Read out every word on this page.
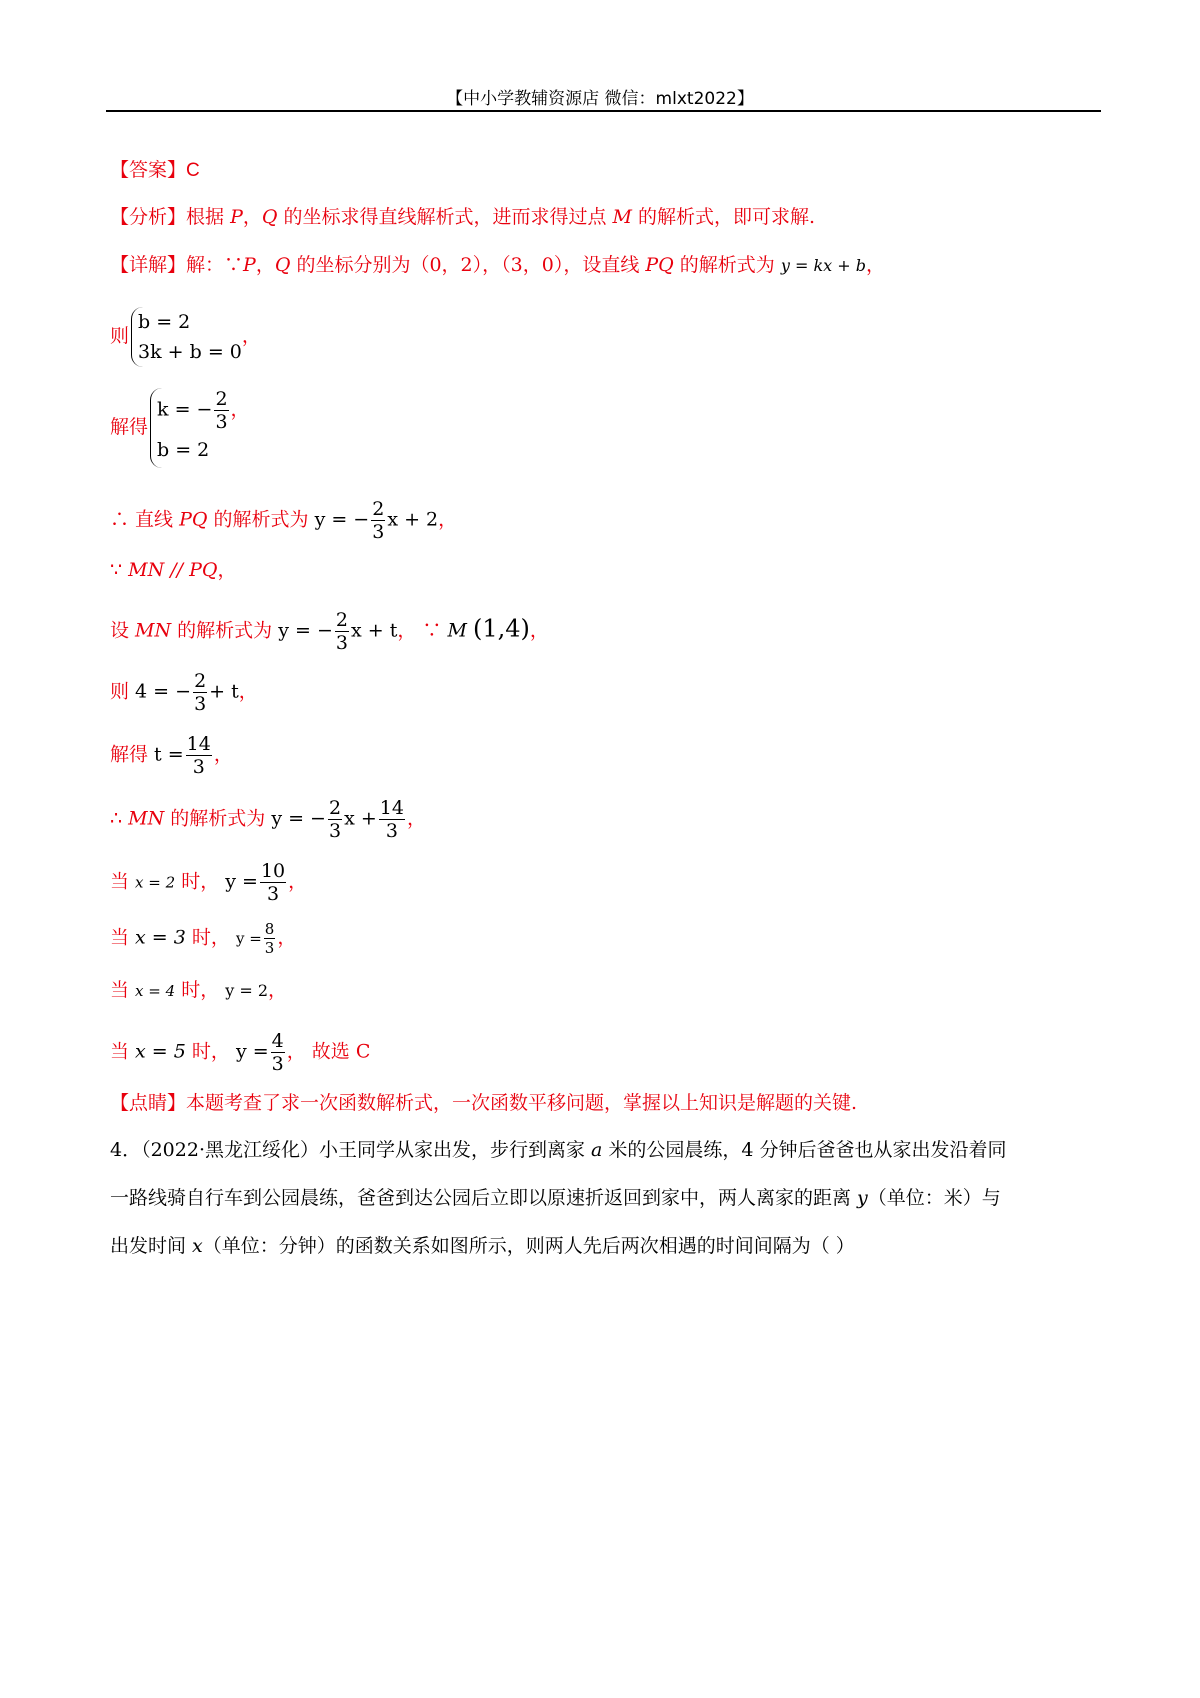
【中小学教辅资源店 微信：mlxt2022】
【答案】C
【分析】根据 P，Q 的坐标求得直线解析式，进而求得过点 M 的解析式，即可求解.
【详解】解：∵P，Q 的坐标分别为（0，2），（3，0），设直线 PQ 的解析式为 y = kx + b，
则
b = 2
3k + b = 0
，
解得
k = − $\frac{2}{3}$ ，
b = 2
∴ 直线 PQ 的解析式为 y = − $\frac{2}{3}$ x + 2，
∵ MN // PQ，
设 MN 的解析式为 y = − $\frac{2}{3}$ x + t， ∵ M (1,4)，
则 4 = − $\frac{2}{3} + t$，
解得 $t = \frac{14}{3}$ ，
∴ MN 的解析式为 y = − $\frac{2}{3}$ $x + \frac{14}{3}$ ，
当 x = 2 时， $y = \frac{10}{3}$ ，
当 x = 3 时， $y = \frac{8}{3}$ ，
当 x = 4 时， y = 2，
当 x = 5 时， $y = \frac{4}{3}$ ， 故选 C
【点睛】本题考查了求一次函数解析式，一次函数平移问题，掌握以上知识是解题的关键.
4．（2022·黑龙江绥化）小王同学从家出发，步行到离家 a 米的公园晨练，4 分钟后爸爸也从家出发沿着同
一路线骑自行车到公园晨练，爸爸到达公园后立即以原速折返回到家中，两人离家的距离 y（单位：米）与
出发时间 x（单位：分钟）的函数关系如图所示，则两人先后两次相遇的时间间隔为（ ）
